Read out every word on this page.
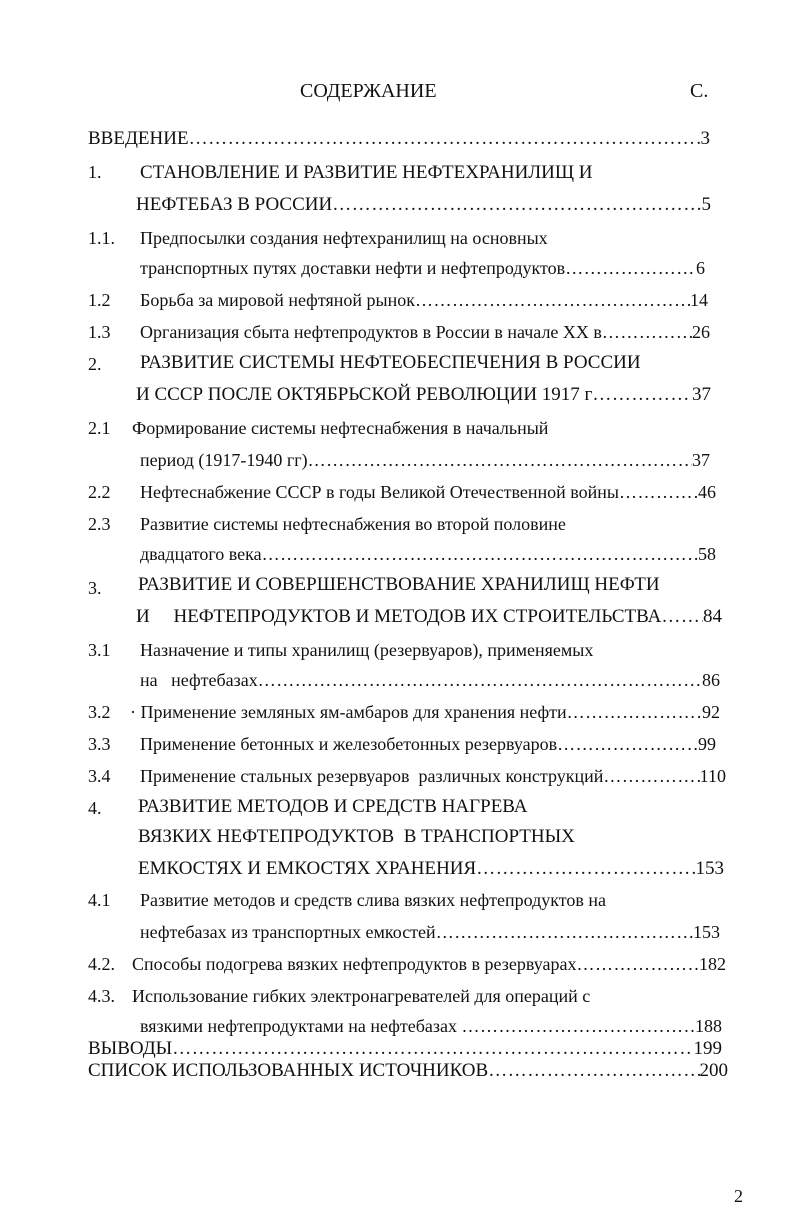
СОДЕРЖАНИЕ	С.
ВВЕДЕНИЕ …………………………………………………………………………………………………………………………………………………………………………………………………………	3
1. СТАНОВЛЕНИЕ И РАЗВИТИЕ НЕФТЕХРАНИЛИЩ И
НЕФТЕБАЗ В РОССИИ …………………………………………………………………………………………………………………………………………………………………………………………………………	5
1.1. Предпосылки создания нефтехранилищ на основных
транспортных путях доставки нефти и нефтепродуктов …………………………………………………………………………………………………………………………………………………………………………………………………………	6
1.2 Борьба за мировой нефтяной рынок …………………………………………………………………………………………………………………………………………………………………………………………………………	14
1.3 Организация сбыта нефтепродуктов в России в начале XX в …………………………………………………………………………………………………………………………………………………………………………………………………………	26
2. РАЗВИТИЕ СИСТЕМЫ НЕФТЕОБЕСПЕЧЕНИЯ В РОССИИ
И СССР ПОСЛЕ ОКТЯБРЬСКОЙ РЕВОЛЮЦИИ 1917 г …………………………………………………………………………………………………………………………………………………………………………………………………………	37
2.1 Формирование системы нефтеснабжения в начальный
период (1917-1940 гг) …………………………………………………………………………………………………………………………………………………………………………………………………………	37
2.2 Нефтеснабжение СССР в годы Великой Отечественной войны …………………………………………………………………………………………………………………………………………………………………………………………………………	46
2.3 Развитие системы нефтеснабжения во второй половине
двадцатого века …………………………………………………………………………………………………………………………………………………………………………………………………………	58
3. РАЗВИТИЕ И СОВЕРШЕНСТВОВАНИЕ ХРАНИЛИЩ НЕФТИ
И     НЕФТЕПРОДУКТОВ И МЕТОДОВ ИХ СТРОИТЕЛЬСТВА ………………………………………………………………………………………………………………………………………………………………………………………………………… 84
3.1 Назначение и типы хранилищ (резервуаров), применяемых
на   нефтебазах …………………………………………………………………………………………………………………………………………………………………………………………………………	86
3.2 · Применение земляных ям-амбаров для хранения нефти …………………………………………………………………………………………………………………………………………………………………………………………………………	92
3.3 Применение бетонных и железобетонных резервуаров …………………………………………………………………………………………………………………………………………………………………………………………………………	99
3.4 Применение стальных резервуаров  различных конструкций …………………………………………………………………………………………………………………………………………………………………………………………………………	110
4. РАЗВИТИЕ МЕТОДОВ И СРЕДСТВ НАГРЕВА
ВЯЗКИХ НЕФТЕПРОДУКТОВ  В ТРАНСПОРТНЫХ
ЕМКОСТЯХ И ЕМКОСТЯХ ХРАНЕНИЯ …………………………………………………………………………………………………………………………………………………………………………………………………………	153
4.1 Развитие методов и средств слива вязких нефтепродуктов на
нефтебазах из транспортных емкостей …………………………………………………………………………………………………………………………………………………………………………………………………………	153
4.2. Способы подогрева вязких нефтепродуктов в резервуарах …………………………………………………………………………………………………………………………………………………………………………………………………………	182
4.3. Использование гибких электронагревателей для операций с
вязкими нефтепродуктами на нефтебазах …………………………………………………………………………………………………………………………………………………………………………………………………………	188
ВЫВОДЫ …………………………………………………………………………………………………………………………………………………………………………………………………………	199
СПИСОК ИСПОЛЬЗОВАННЫХ ИСТОЧНИКОВ …………………………………………………………………………………………………………………………………………………………………………………………………………	200
2
